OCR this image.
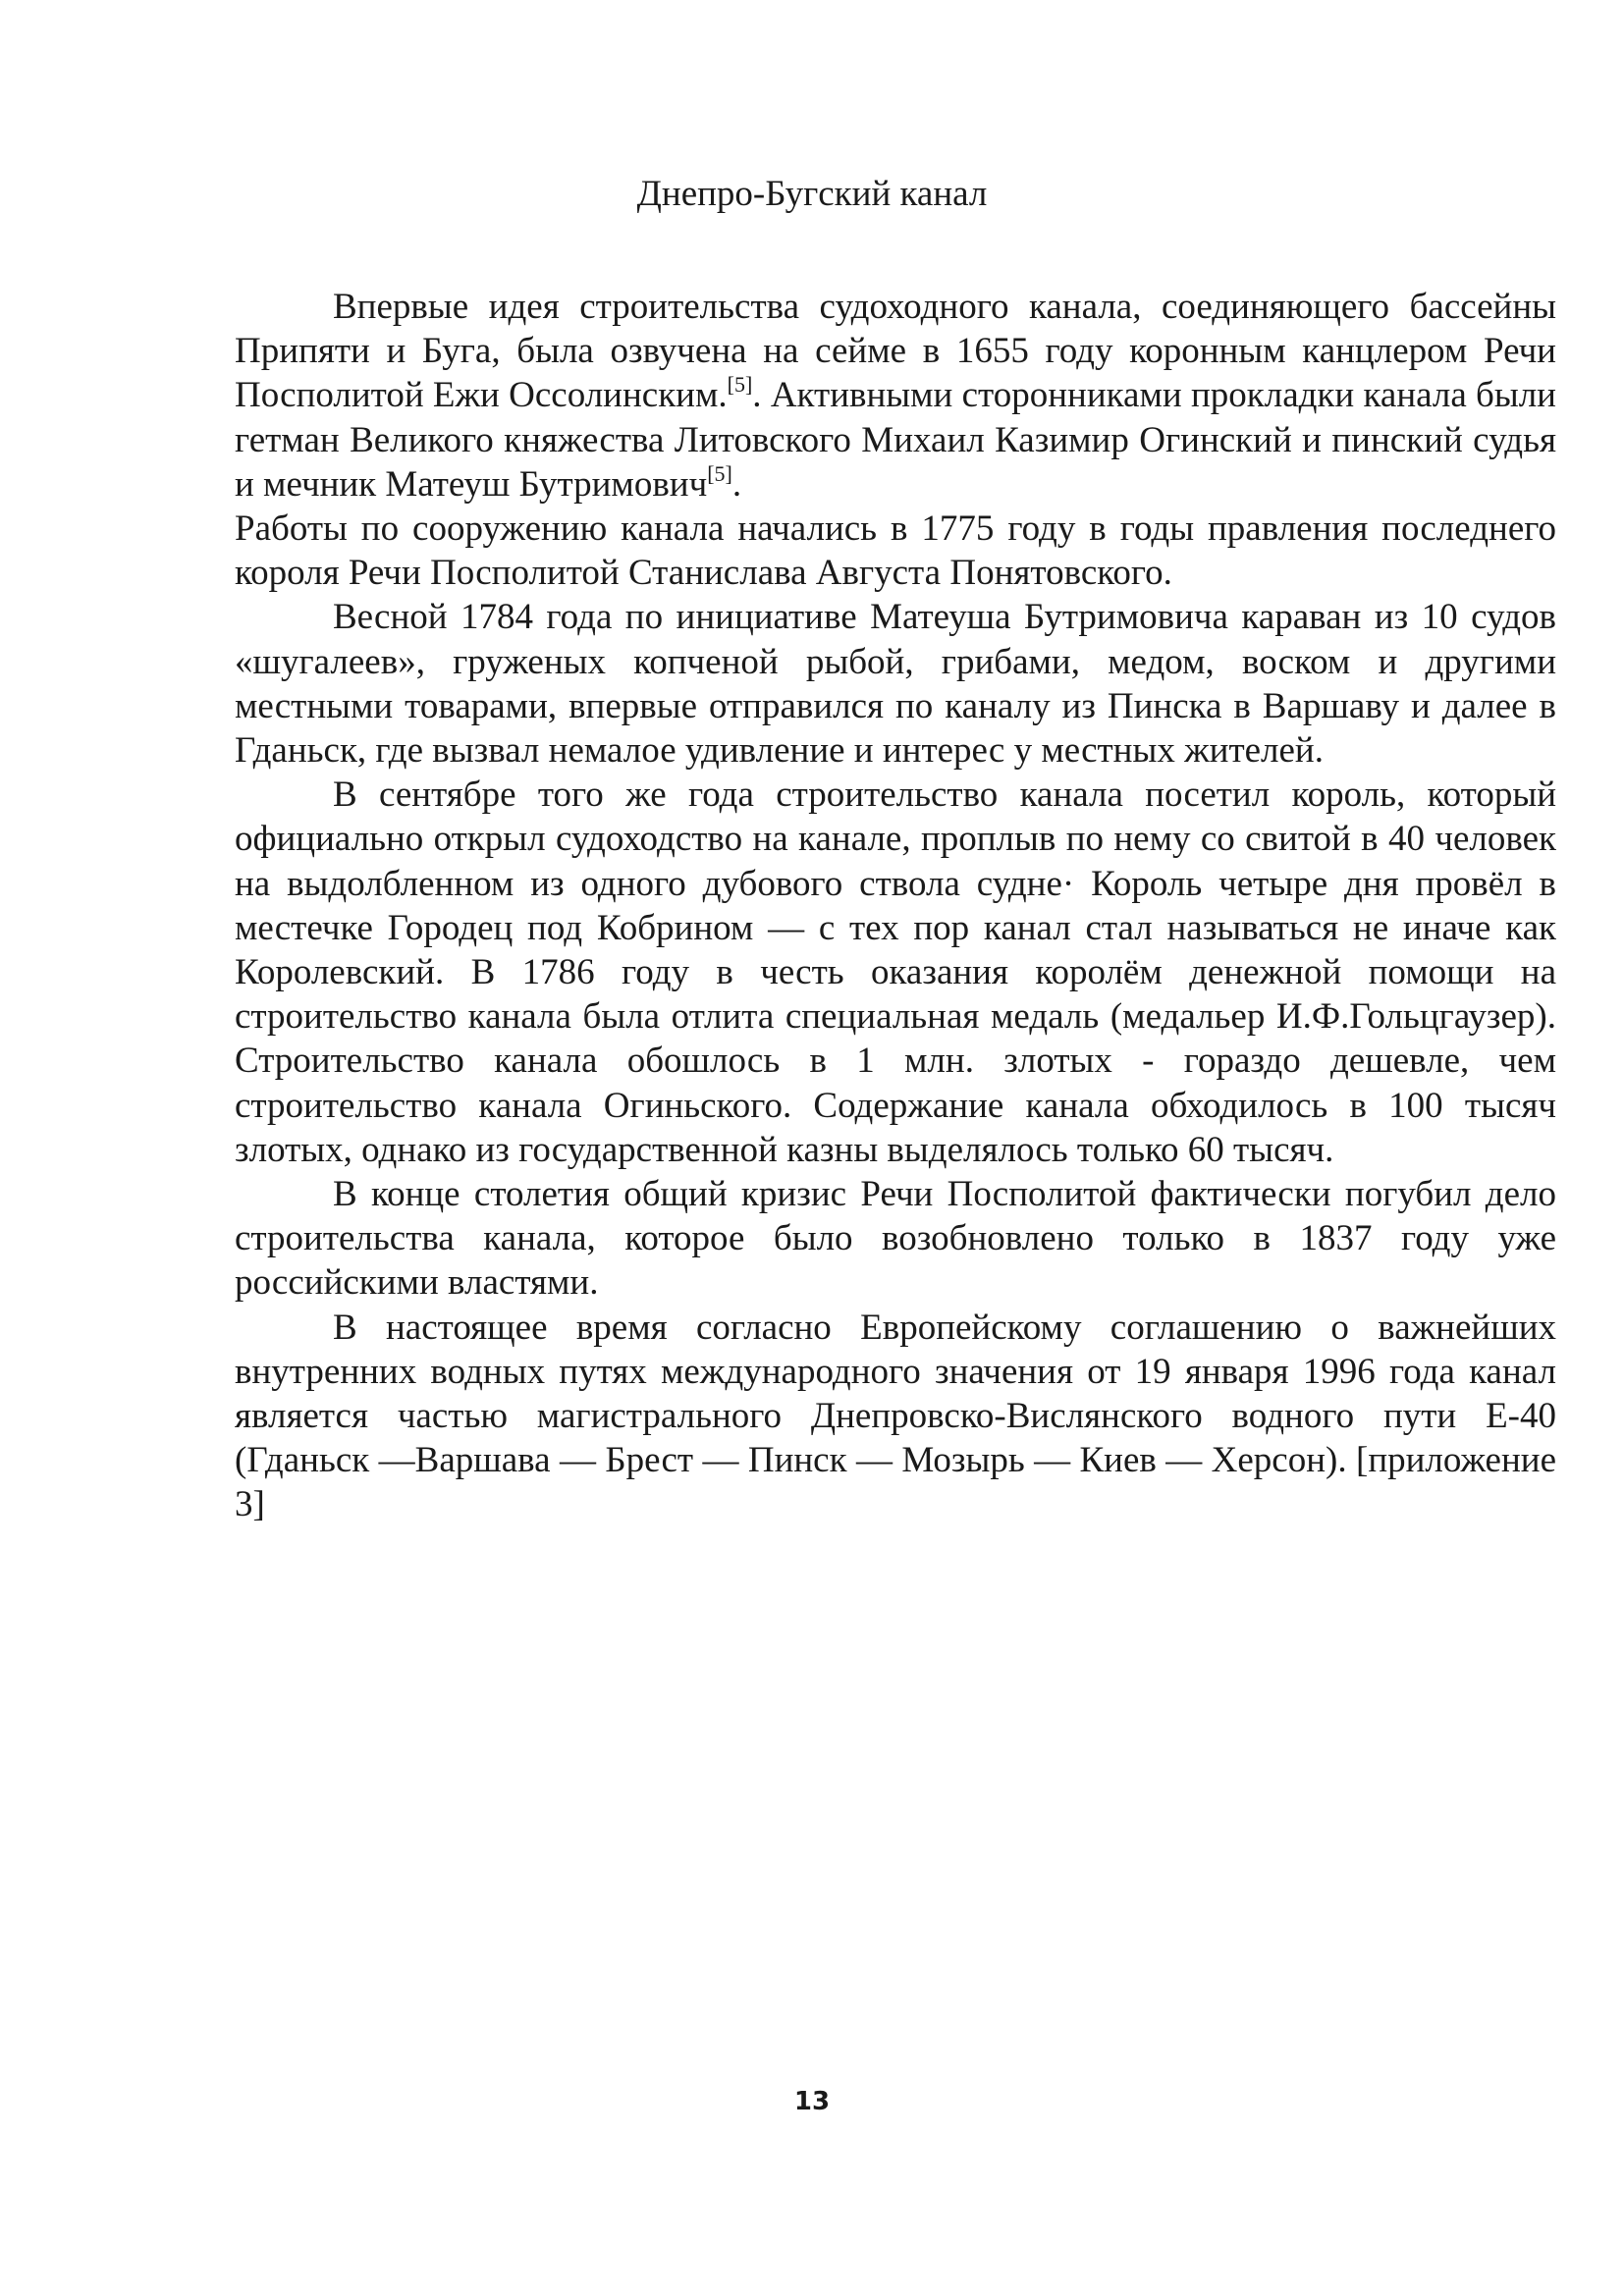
Днепро-Бугский канал

Впервые идея строительства судоходного канала, соединяющего бассейны Припяти и Буга, была озвучена на сейме в 1655 году коронным канцлером Речи Посполитой Ежи Оссолинским.[5]. Активными сторонниками прокладки канала были гетман Великого княжества Литовского Михаил Казимир Огинский и пинский судья и мечник Матеуш Бутримович[5].

Работы по сооружению канала начались в 1775 году в годы правления последнего короля Речи Посполитой Станислава Августа Понятовского.

Весной 1784 года по инициативе Матеуша Бутримовича караван из 10 судов «шугалеев», груженых копченой рыбой, грибами, медом, воском и другими местными товарами, впервые отправился по каналу из Пинска в Варшаву и далее в Гданьск, где вызвал немалое удивление и интерес у местных жителей.

В сентябре того же года строительство канала посетил король, который официально открыл судоходство на канале, проплыв по нему со свитой в 40 человек на выдолбленном из одного дубового ствола судне· Король четыре дня провёл в местечке Городец под Кобрином — с тех пор канал стал называться не иначе как Королевский. В 1786 году в честь оказания королём денежной помощи на строительство канала была отлита специальная медаль (медальер И.Ф.Гольцгаузер). Строительство канала обошлось в 1 млн. злотых - гораздо дешевле, чем строительство канала Огиньского. Содержание канала обходилось в 100 тысяч злотых, однако из государственной казны выделялось только 60 тысяч.

В конце столетия общий кризис Речи Посполитой фактически погубил дело строительства канала, которое было возобновлено только в 1837 году уже российскими властями.

В настоящее время согласно Европейскому соглашению о важнейших внутренних водных путях международного значения от 19 января 1996 года канал является частью магистрального Днепровско-Вислянского водного пути Е-40 (Гданьск —Варшава — Брест — Пинск — Мозырь — Киев — Херсон). [приложение 3]

13
